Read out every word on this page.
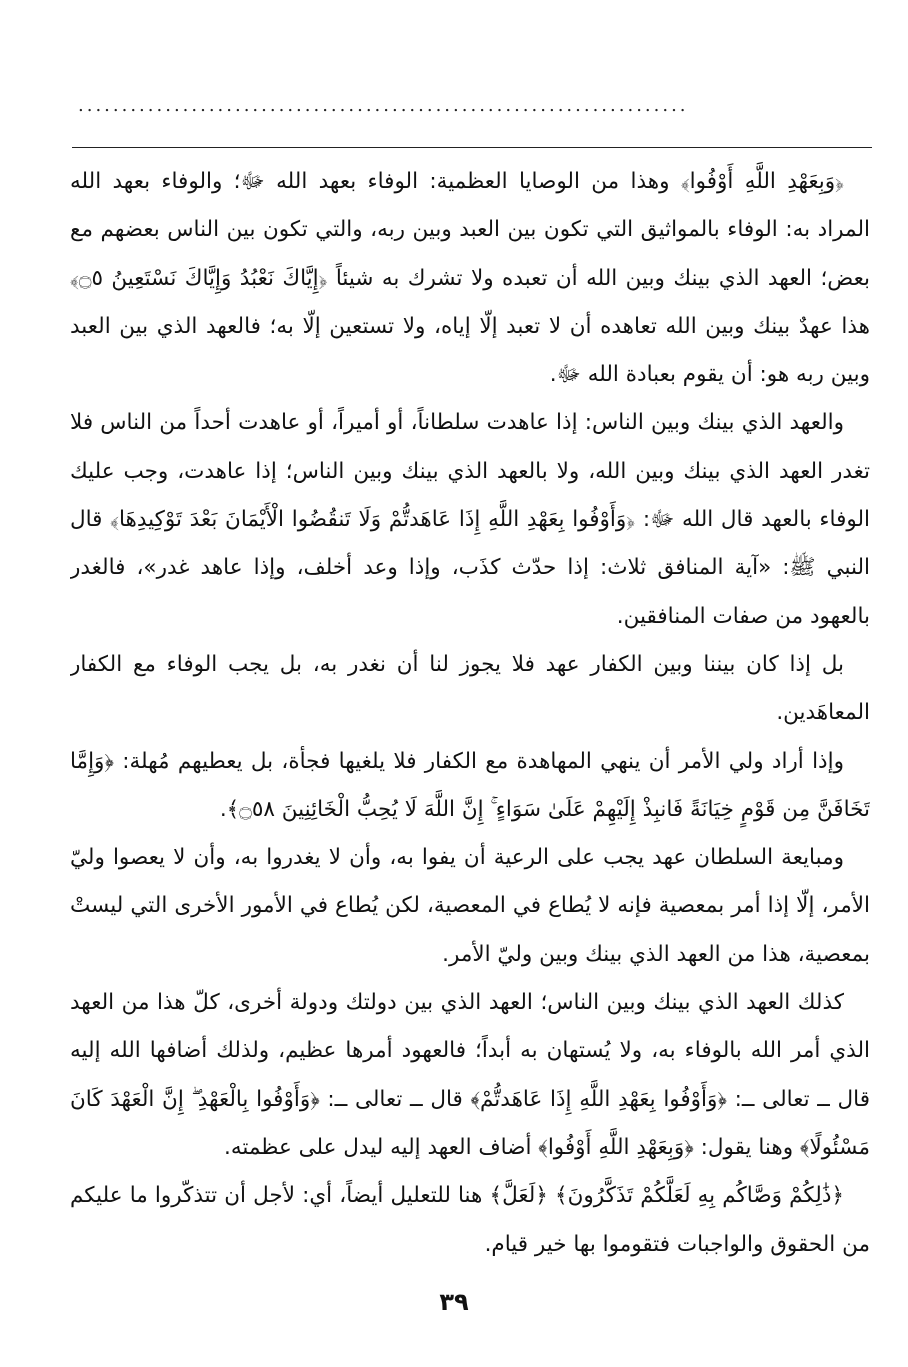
......................................................................

﴿وَبِعَهْدِ اللَّهِ أَوْفُوا﴾ وهذا من الوصايا العظمية: الوفاء بعهد الله ﷻ؛ والوفاء بعهد الله المراد به: الوفاء بالمواثيق التي تكون بين العبد وبين ربه، والتي تكون بين الناس بعضهم مع بعض؛ العهد الذي بينك وبين الله أن تعبده ولا تشرك به شيئاً ﴿إِيَّاكَ نَعْبُدُ وَإِيَّاكَ نَسْتَعِينُ ۝٥﴾ هذا عهدٌ بينك وبين الله تعاهده أن لا تعبد إلّا إياه، ولا تستعين إلّا به؛ فالعهد الذي بين العبد وبين ربه هو: أن يقوم بعبادة الله ﷻ.

والعهد الذي بينك وبين الناس: إذا عاهدت سلطاناً، أو أميراً، أو عاهدت أحداً من الناس فلا تغدر العهد الذي بينك وبين الله، ولا بالعهد الذي بينك وبين الناس؛ إذا عاهدت، وجب عليك الوفاء بالعهد قال الله ﷻ: ﴿وَأَوْفُوا بِعَهْدِ اللَّهِ إِذَا عَاهَدتُّمْ وَلَا تَنقُضُوا الْأَيْمَانَ بَعْدَ تَوْكِيدِهَا﴾ قال النبي ﷺ: «آية المنافق ثلاث: إذا حدّث كذَب، وإذا وعد أخلف، وإذا عاهد غدر»، فالغدر بالعهود من صفات المنافقين.

بل إذا كان بيننا وبين الكفار عهد فلا يجوز لنا أن نغدر به، بل يجب الوفاء مع الكفار المعاهَدين.

وإذا أراد ولي الأمر أن ينهي المهاهدة مع الكفار فلا يلغيها فجأة، بل يعطيهم مُهلة: ﴿وَإِمَّا تَخَافَنَّ مِن قَوْمٍ خِيَانَةً فَانبِذْ إِلَيْهِمْ عَلَىٰ سَوَاءٍ ۚ إِنَّ اللَّهَ لَا يُحِبُّ الْخَائِنِينَ ۝٥٨﴾.

ومبايعة السلطان عهد يجب على الرعية أن يفوا به، وأن لا يغدروا به، وأن لا يعصوا وليّ الأمر، إلّا إذا أمر بمعصية فإنه لا يُطاع في المعصية، لكن يُطاع في الأمور الأخرى التي ليستْ بمعصية، هذا من العهد الذي بينك وبين وليّ الأمر.

كذلك العهد الذي بينك وبين الناس؛ العهد الذي بين دولتك ودولة أخرى، كلّ هذا من العهد الذي أمر الله بالوفاء به، ولا يُستهان به أبداً؛ فالعهود أمرها عظيم، ولذلك أضافها الله إليه قال ــ تعالى ــ: ﴿وَأَوْفُوا بِعَهْدِ اللَّهِ إِذَا عَاهَدتُّمْ﴾ قال ــ تعالى ــ: ﴿وَأَوْفُوا بِالْعَهْدِ ۖ إِنَّ الْعَهْدَ كَانَ مَسْئُولًا﴾ وهنا يقول: ﴿وَبِعَهْدِ اللَّهِ أَوْفُوا﴾ أضاف العهد إليه ليدل على عظمته.

﴿ذَٰلِكُمْ وَصَّاكُم بِهِ لَعَلَّكُمْ تَذَكَّرُونَ﴾ ﴿لَعَلَّ﴾ هنا للتعليل أيضاً، أي: لأجل أن تتذكّروا ما عليكم من الحقوق والواجبات فتقوموا بها خير قيام.

٣٩
